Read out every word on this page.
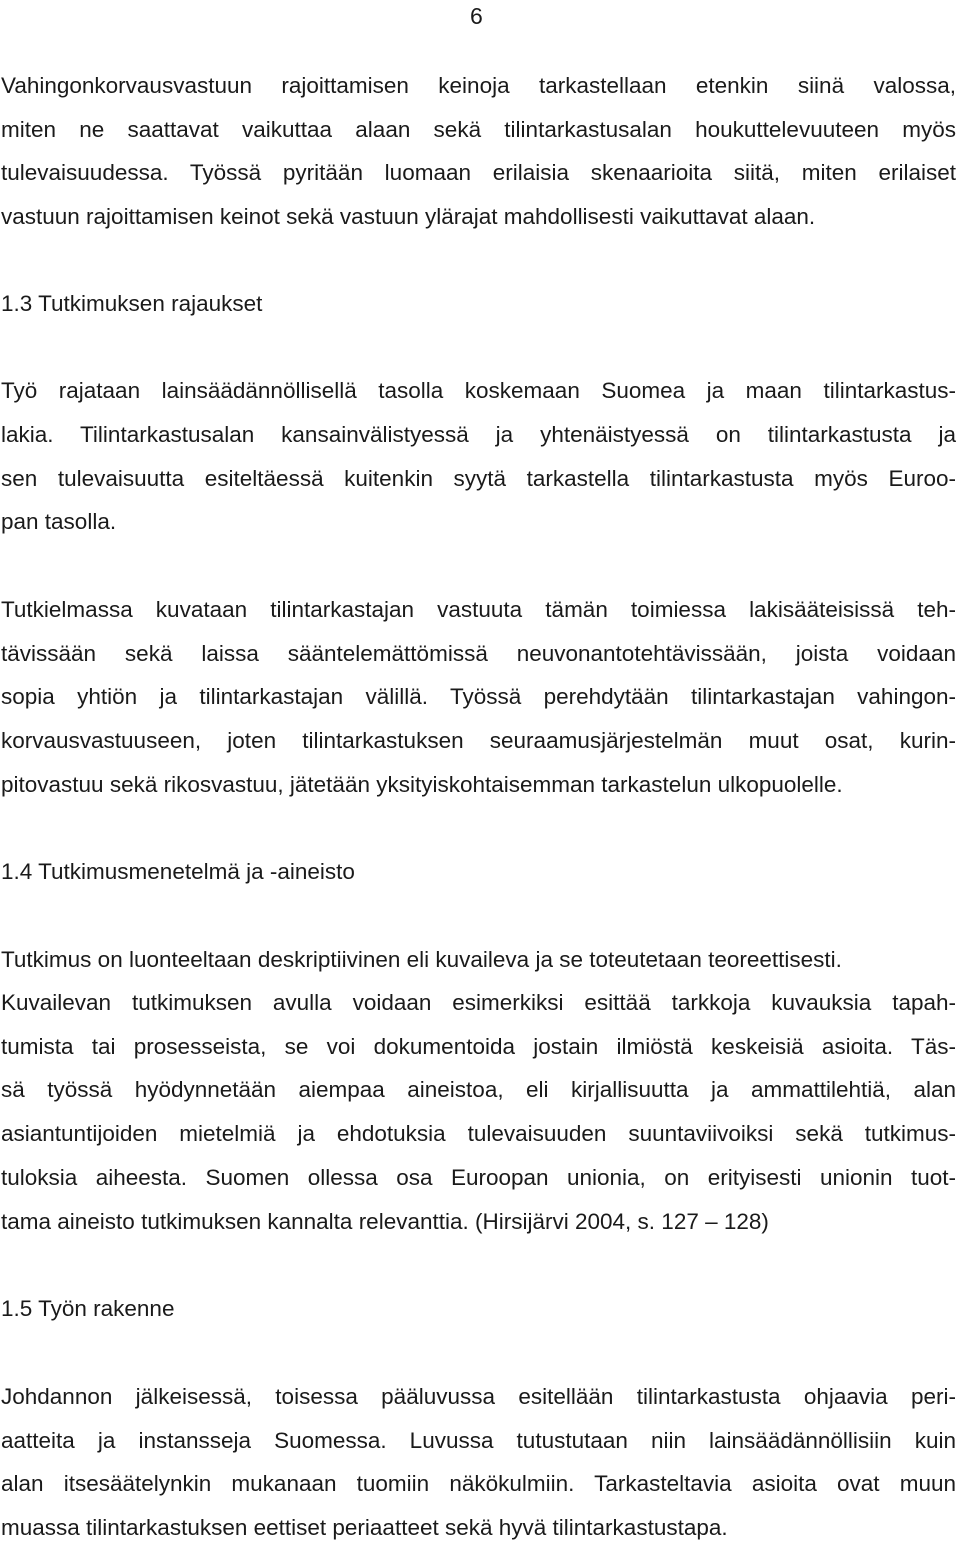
6
Vahingonkorvausvastuun rajoittamisen keinoja tarkastellaan etenkin siinä valossa,
miten ne saattavat vaikuttaa alaan sekä tilintarkastusalan houkuttelevuuteen myös
tulevaisuudessa. Työssä pyritään luomaan erilaisia skenaarioita siitä, miten erilaiset
vastuun rajoittamisen keinot sekä vastuun ylärajat mahdollisesti vaikuttavat alaan.
1.3 Tutkimuksen rajaukset
Työ rajataan lainsäädännöllisellä tasolla koskemaan Suomea ja maan tilintarkastus-
lakia. Tilintarkastusalan kansainvälistyessä ja yhtenäistyessä on tilintarkastusta ja
sen tulevaisuutta esiteltäessä kuitenkin syytä tarkastella tilintarkastusta myös Euroo-
pan tasolla.
Tutkielmassa kuvataan tilintarkastajan vastuuta tämän toimiessa lakisääteisissä teh-
tävissään sekä laissa sääntelemättömissä neuvonantotehtävissään, joista voidaan
sopia yhtiön ja tilintarkastajan välillä. Työssä perehdytään tilintarkastajan vahingon-
korvausvastuuseen, joten tilintarkastuksen seuraamusjärjestelmän muut osat, kurin-
pitovastuu sekä rikosvastuu, jätetään yksityiskohtaisemman tarkastelun ulkopuolelle.
1.4 Tutkimusmenetelmä ja -aineisto
Tutkimus on luonteeltaan deskriptiivinen eli kuvaileva ja se toteutetaan teoreettisesti.
Kuvailevan tutkimuksen avulla voidaan esimerkiksi esittää tarkkoja kuvauksia tapah-
tumista tai prosesseista, se voi dokumentoida jostain ilmiöstä keskeisiä asioita. Täs-
sä työssä hyödynnetään aiempaa aineistoa, eli kirjallisuutta ja ammattilehtiä, alan
asiantuntijoiden mietelmiä ja ehdotuksia tulevaisuuden suuntaviivoiksi sekä tutkimus-
tuloksia aiheesta. Suomen ollessa osa Euroopan unionia, on erityisesti unionin tuot-
tama aineisto tutkimuksen kannalta relevanttia. (Hirsijärvi 2004, s. 127 – 128)
1.5 Työn rakenne
Johdannon jälkeisessä, toisessa pääluvussa esitellään tilintarkastusta ohjaavia peri-
aatteita ja instansseja Suomessa. Luvussa tutustutaan niin lainsäädännöllisiin kuin
alan itsesäätelynkin mukanaan tuomiin näkökulmiin. Tarkasteltavia asioita ovat muun
muassa tilintarkastuksen eettiset periaatteet sekä hyvä tilintarkastustapa.
